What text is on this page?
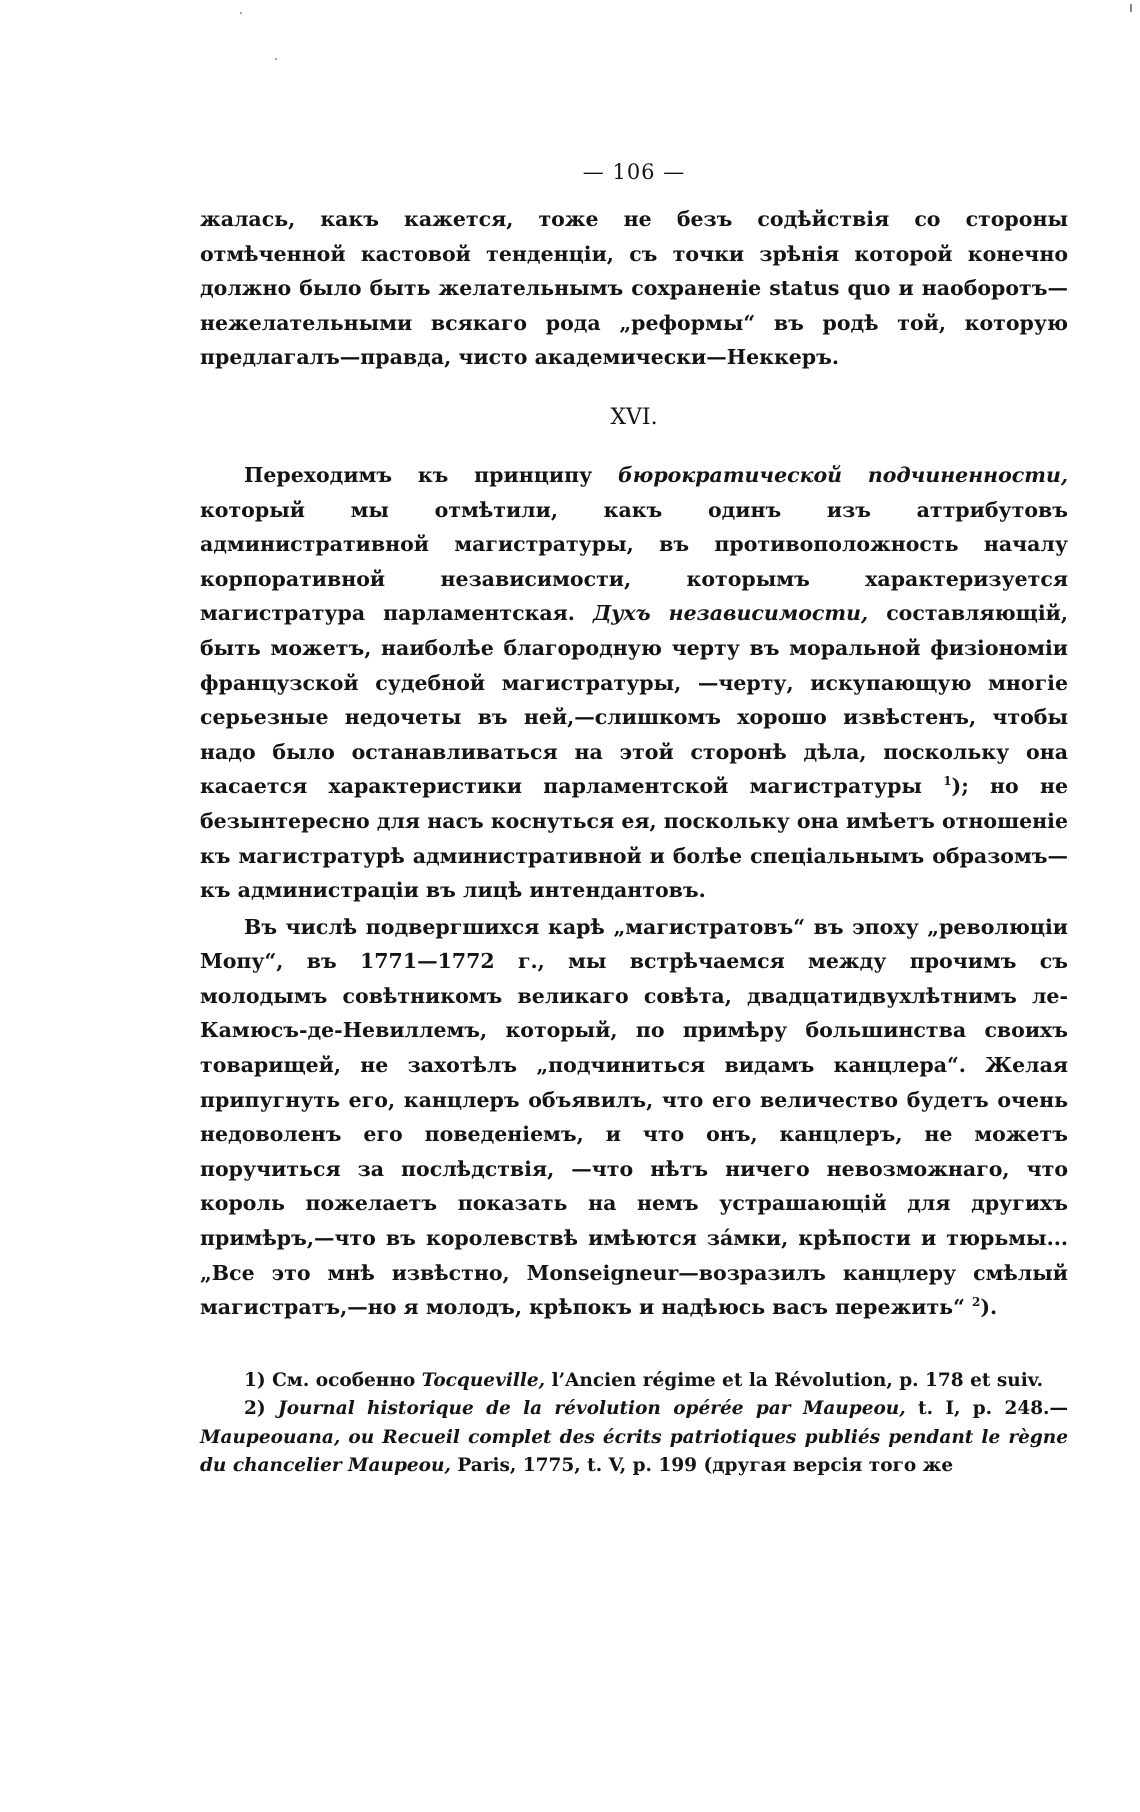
— 106 —

жалась, какъ кажется, тоже не безъ содѣйствія со стороны отмѣченной кастовой тенденціи, съ точки зрѣнія которой конечно должно было быть желательнымъ сохраненіе status quo и наоборотъ—нежелательными всякаго рода „реформы“ въ родѣ той, которую предлагалъ—правда, чисто академически—Неккеръ.

XVI.

Переходимъ къ принципу бюрократической подчиненности, который мы отмѣтили, какъ одинъ изъ аттрибутовъ административной магистратуры, въ противоположность началу корпоративной независимости, которымъ характеризуется магистратура парламентская. Духъ независимости, составляющій, быть можетъ, наиболѣе благородную черту въ моральной физіономіи французской судебной магистратуры, —черту, искупающую многіе серьезные недочеты въ ней,—слишкомъ хорошо извѣстенъ, чтобы надо было останавливаться на этой сторонѣ дѣла, поскольку она касается характеристики парламентской магистратуры $^1$); но не безынтересно для насъ коснуться ея, поскольку она имѣетъ отношеніе къ магистратурѣ административной и болѣе спеціальнымъ образомъ—къ администраціи въ лицѣ интендантовъ.

Въ числѣ подвергшихся карѣ „магистратовъ“ въ эпоху „революціи Мопу“, въ 1771—1772 г., мы встрѣчаемся между прочимъ съ молодымъ совѣтникомъ великаго совѣта, двадцатидвухлѣтнимъ ле-Камюсъ-де-Невиллемъ, который, по примѣру большинства своихъ товарищей, не захотѣлъ „подчиниться видамъ канцлера“. Желая припугнуть его, канцлеръ объявилъ, что его величество будетъ очень недоволенъ его поведеніемъ, и что онъ, канцлеръ, не можетъ поручиться за послѣдствія, —что нѣтъ ничего невозможнаго, что король пожелаетъ показать на немъ устрашающій для другихъ примѣръ,—что въ королевствѣ имѣются зáмки, крѣпости и тюрьмы... „Все это мнѣ извѣстно, Monseigneur—возразилъ канцлеру смѣлый магистратъ,—но я молодъ, крѣпокъ и надѣюсь васъ пережить“ $^2$).

1) См. особенно Tocqueville, l’Ancien régime et la Révolution, p. 178 et suiv.

2) Journal historique de la révolution opérée par Maupeou, t. I, p. 248.— Maupeouana, ou Recueil complet des écrits patriotiques publiés pendant le règne du chancelier Maupeou, Paris, 1775, t. V, p. 199 (другая версія того же
